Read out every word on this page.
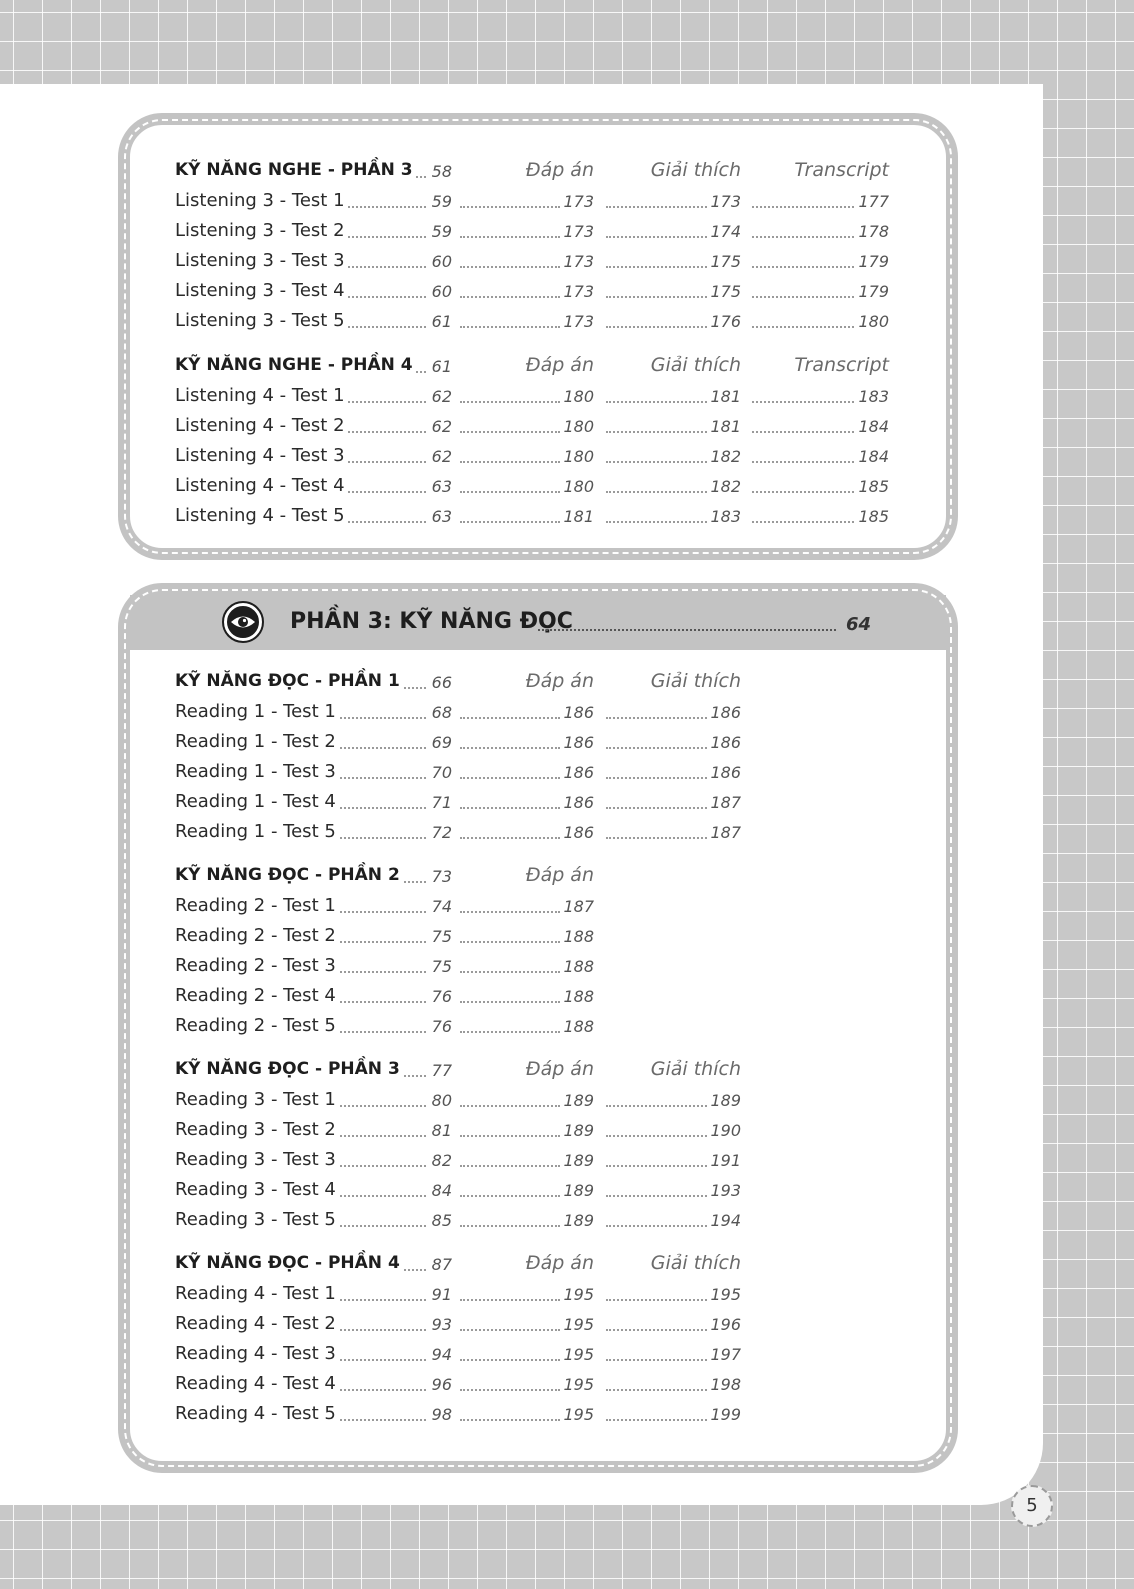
KỸ NĂNG NGHE - PHẦN 3 58	Đáp án	Giải thích	Transcript
Listening 3 - Test 1	59	173	173	177
Listening 3 - Test 2	59	173	174	178
Listening 3 - Test 3	60	173	175	179
Listening 3 - Test 4	60	173	175	179
Listening 3 - Test 5	61	173	176	180
KỸ NĂNG NGHE - PHẦN 4 61	Đáp án	Giải thích	Transcript
Listening 4 - Test 1	62	180	181	183
Listening 4 - Test 2	62	180	181	184
Listening 4 - Test 3	62	180	182	184
Listening 4 - Test 4	63	180	182	185
Listening 4 - Test 5	63	181	183	185
PHẦN 3: KỸ NĂNG ĐỌC	64
KỸ NĂNG ĐỌC - PHẦN 1 66	Đáp án	Giải thích
Reading 1 - Test 1	68	186	186
Reading 1 - Test 2	69	186	186
Reading 1 - Test 3	70	186	186
Reading 1 - Test 4	71	186	187
Reading 1 - Test 5	72	186	187
KỸ NĂNG ĐỌC - PHẦN 2 73	Đáp án
Reading 2 - Test 1	74	187
Reading 2 - Test 2	75	188
Reading 2 - Test 3	75	188
Reading 2 - Test 4	76	188
Reading 2 - Test 5	76	188
KỸ NĂNG ĐỌC - PHẦN 3 77	Đáp án	Giải thích
Reading 3 - Test 1	80	189	189
Reading 3 - Test 2	81	189	190
Reading 3 - Test 3	82	189	191
Reading 3 - Test 4	84	189	193
Reading 3 - Test 5	85	189	194
KỸ NĂNG ĐỌC - PHẦN 4 87	Đáp án	Giải thích
Reading 4 - Test 1	91	195	195
Reading 4 - Test 2	93	195	196
Reading 4 - Test 3	94	195	197
Reading 4 - Test 4	96	195	198
Reading 4 - Test 5	98	195	199
5
